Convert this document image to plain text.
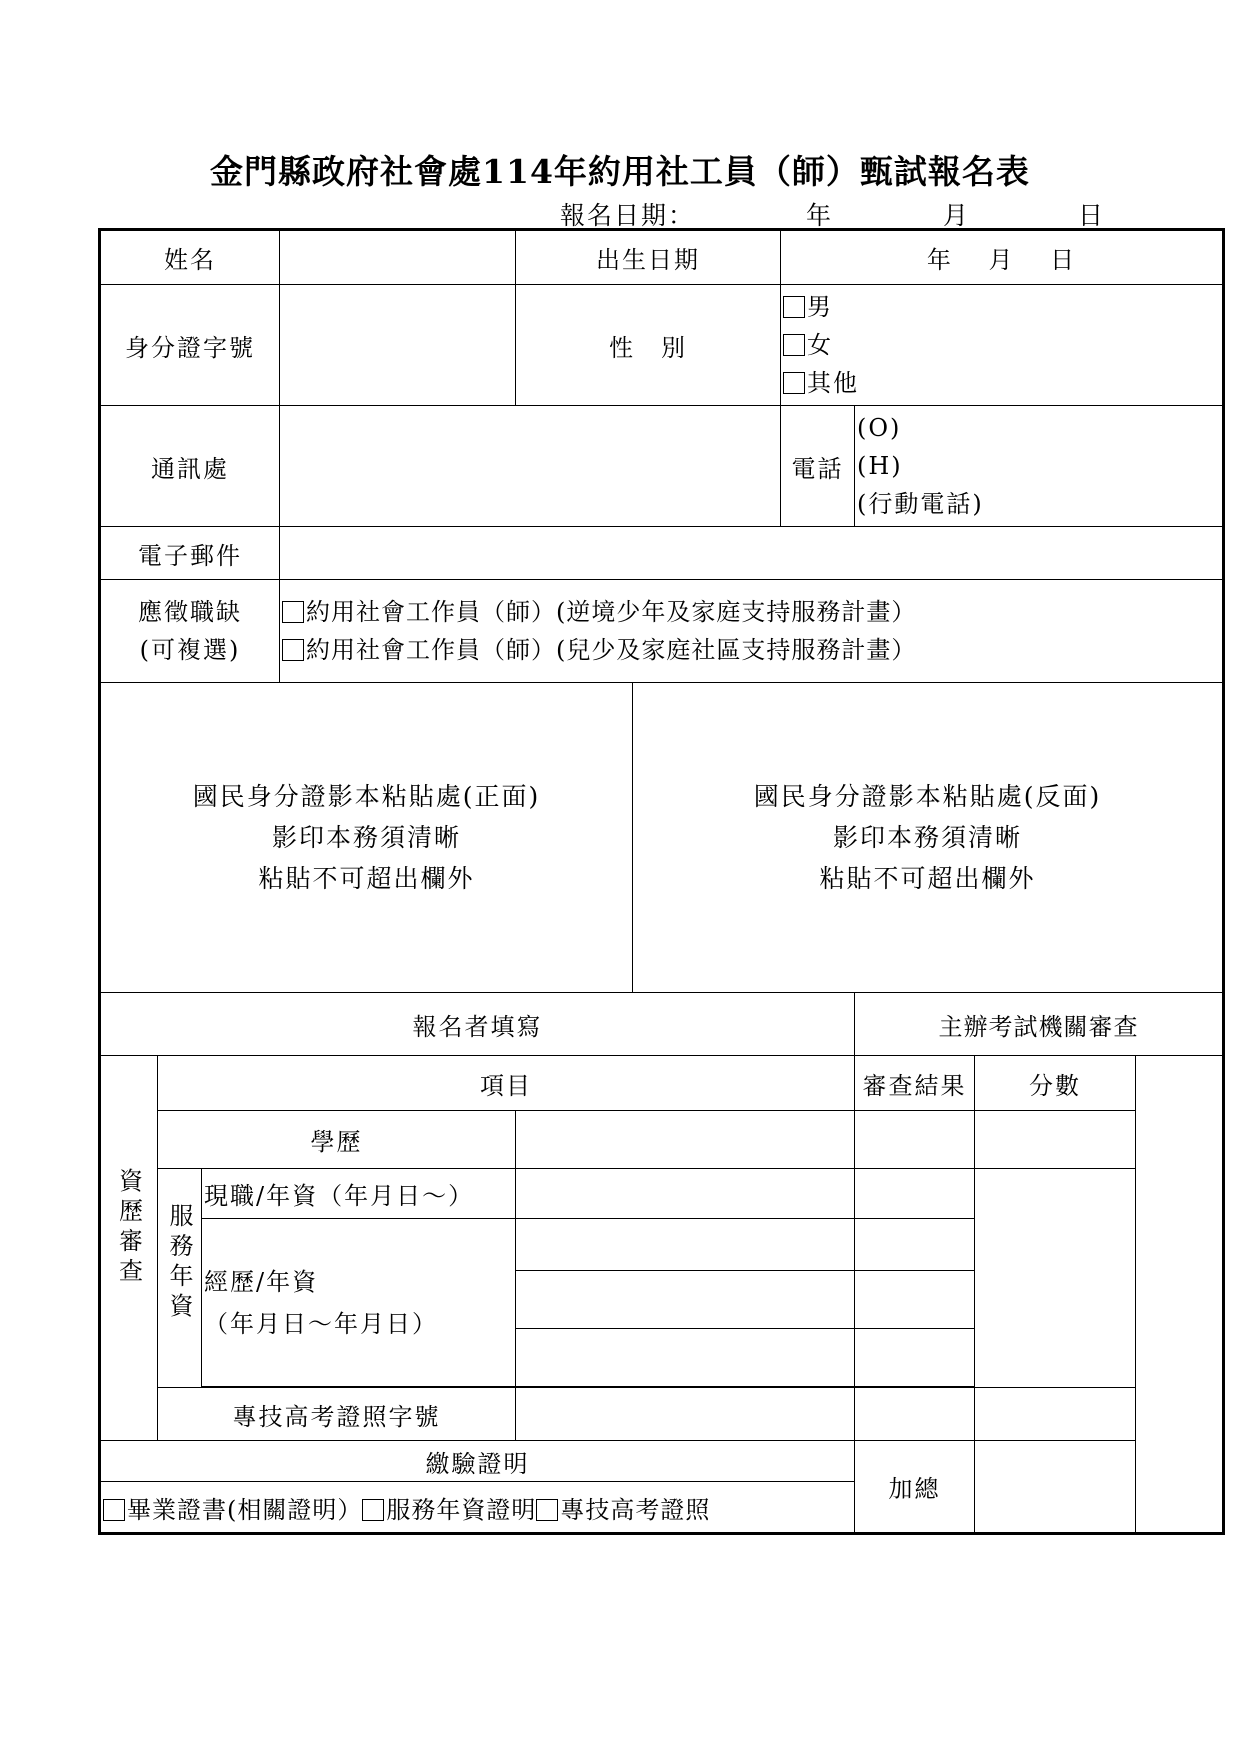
金門縣政府社會處114年約用社工員（師）甄試報名表
報名日期：	年	月	日
姓名				出生日期		年　 月　 日		
身分證字號				性　別		男
女
其他		

通訊處						電話	(O)
(H)
(行動電話)	

電子郵件								

應徵職缺
(可複選)			約用社會工作員（師）(逆境少年及家庭支持服務計畫）
約用社會工作員（師）(兒少及家庭社區支持服務計畫）					

國民身分證影本粘貼處(正面)
影印本務須清晰
粘貼不可超出欄外					國民身分證影本粘貼處(反面)
影印本務須清晰
粘貼不可超出欄外			

報名者填寫							主辦考試機關審查	
資歷審查	項目						審查結果	分數
	學歷							
	服務年資	現職/年資（年月日～）						

		經歷/年資
（年月日～年月日）						

	專技高考證照字號							
繳驗證明							加總	
畢業證書(相關證明） 服務年資證明 專技高考證照								
